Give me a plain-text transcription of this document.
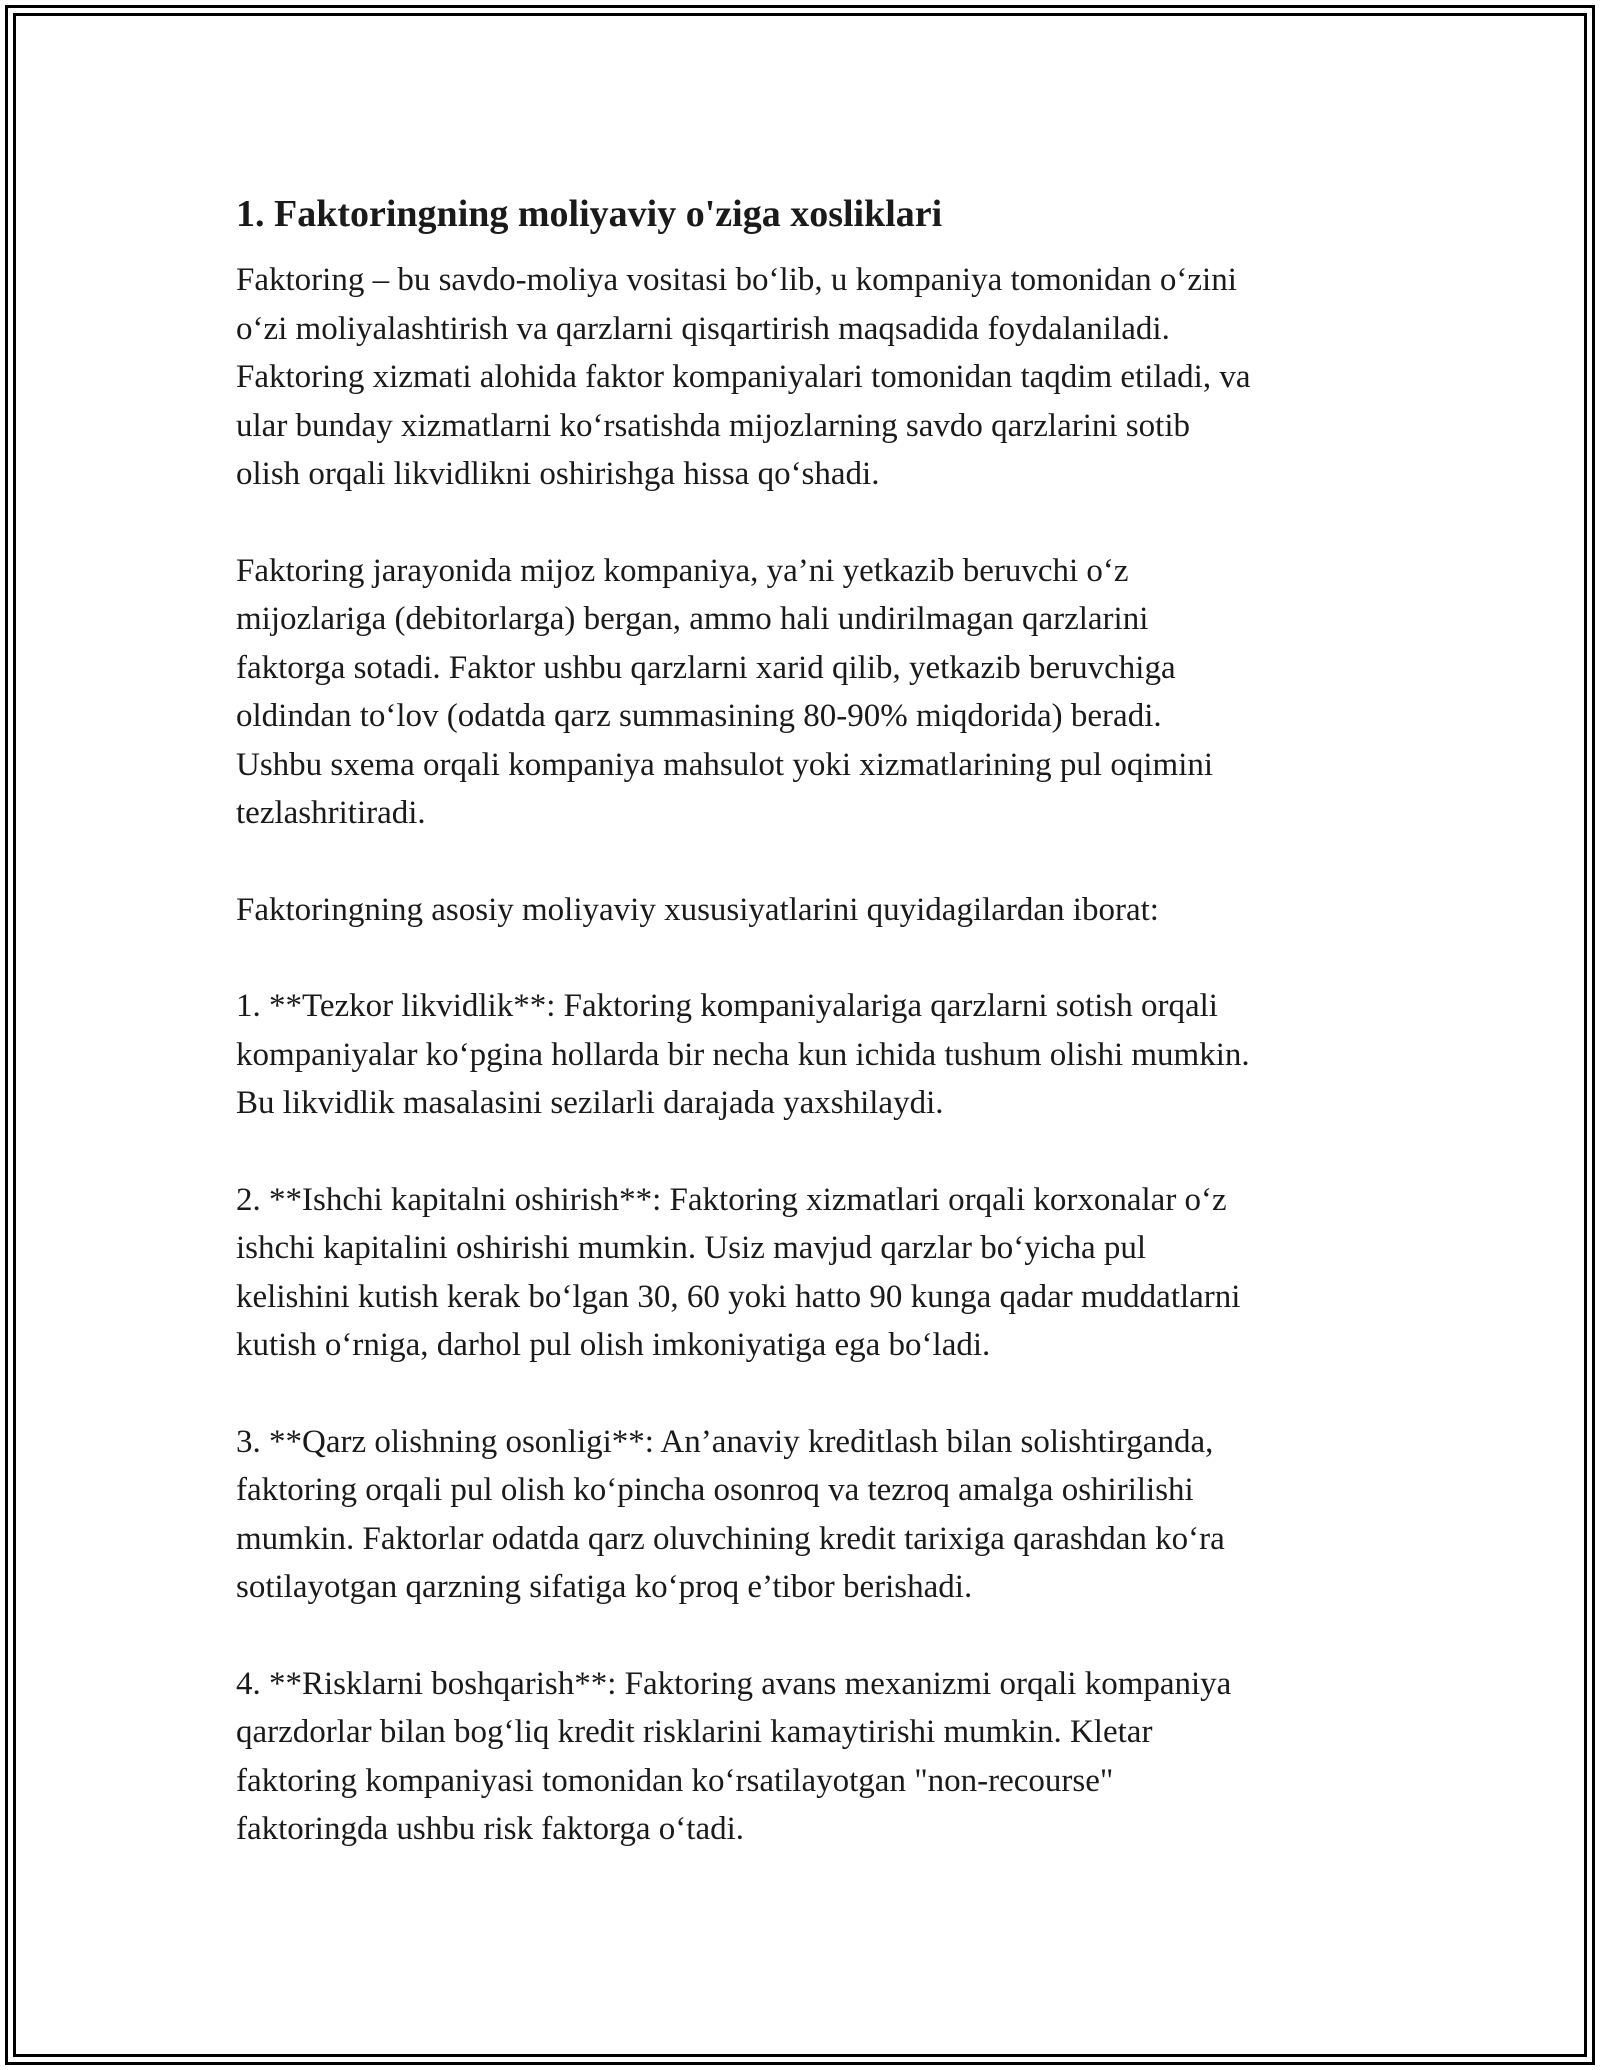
1. Faktoringning moliyaviy o'ziga xosliklari
Faktoring – bu savdo-moliya vositasi boʻlib, u kompaniya tomonidan oʻzini
oʻzi moliyalashtirish va qarzlarni qisqartirish maqsadida foydalaniladi.
Faktoring xizmati alohida faktor kompaniyalari tomonidan taqdim etiladi, va
ular bunday xizmatlarni koʻrsatishda mijozlarning savdo qarzlarini sotib
olish orqali likvidlikni oshirishga hissa qoʻshadi.
Faktoring jarayonida mijoz kompaniya, ya’ni yetkazib beruvchi oʻz
mijozlariga (debitorlarga) bergan, ammo hali undirilmagan qarzlarini
faktorga sotadi. Faktor ushbu qarzlarni xarid qilib, yetkazib beruvchiga
oldindan toʻlov (odatda qarz summasining 80-90% miqdorida) beradi.
Ushbu sxema orqali kompaniya mahsulot yoki xizmatlarining pul oqimini
tezlashritiradi.
Faktoringning asosiy moliyaviy xususiyatlarini quyidagilardan iborat:
1. **Tezkor likvidlik**: Faktoring kompaniyalariga qarzlarni sotish orqali
kompaniyalar koʻpgina hollarda bir necha kun ichida tushum olishi mumkin.
Bu likvidlik masalasini sezilarli darajada yaxshilaydi.
2. **Ishchi kapitalni oshirish**: Faktoring xizmatlari orqali korxonalar oʻz
ishchi kapitalini oshirishi mumkin. Usiz mavjud qarzlar boʻyicha pul
kelishini kutish kerak boʻlgan 30, 60 yoki hatto 90 kunga qadar muddatlarni
kutish oʻrniga, darhol pul olish imkoniyatiga ega boʻladi.
3. **Qarz olishning osonligi**: An’anaviy kreditlash bilan solishtirganda,
faktoring orqali pul olish koʻpincha osonroq va tezroq amalga oshirilishi
mumkin. Faktorlar odatda qarz oluvchining kredit tarixiga qarashdan koʻra
sotilayotgan qarzning sifatiga koʻproq e’tibor berishadi.
4. **Risklarni boshqarish**: Faktoring avans mexanizmi orqali kompaniya
qarzdorlar bilan bogʻliq kredit risklarini kamaytirishi mumkin. Kletar
faktoring kompaniyasi tomonidan koʻrsatilayotgan "non-recourse"
faktoringda ushbu risk faktorga oʻtadi.
